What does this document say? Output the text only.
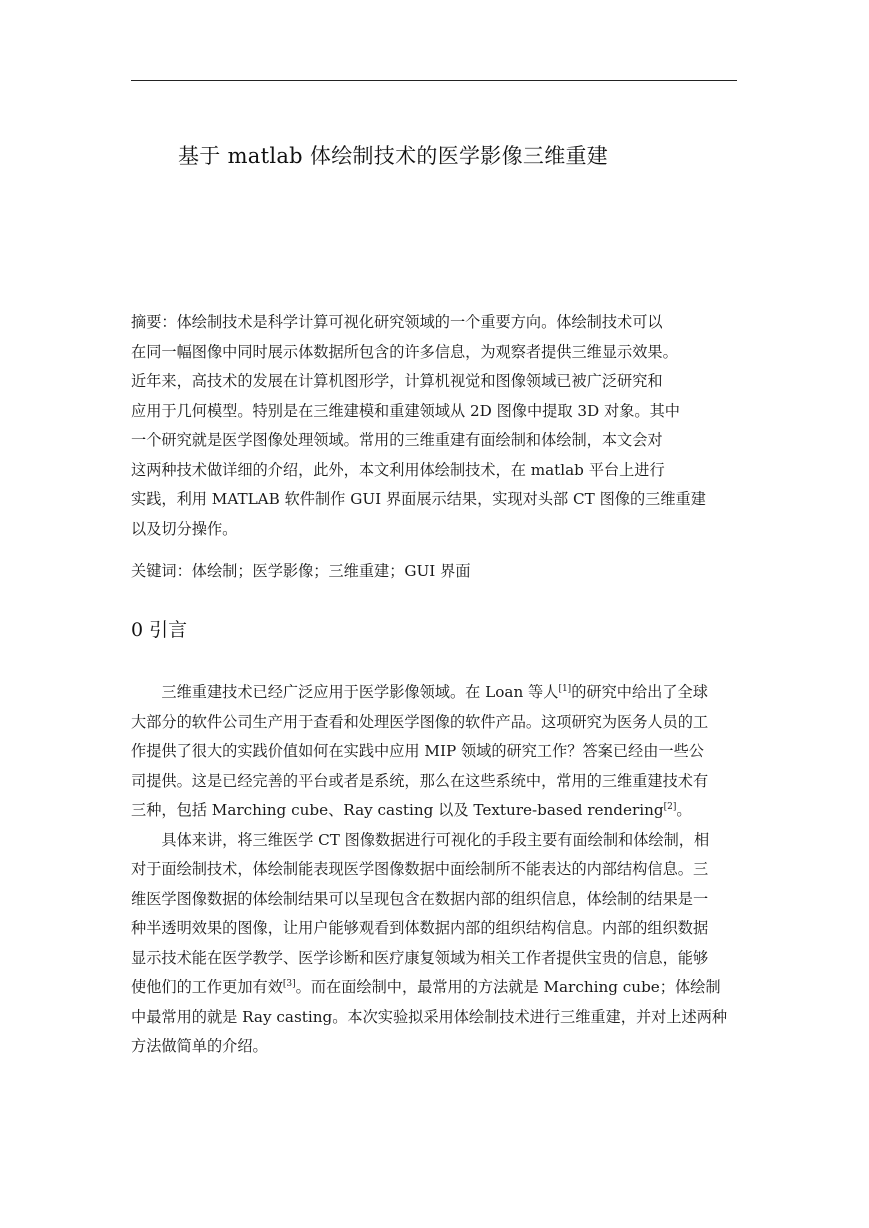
基于 matlab 体绘制技术的医学影像三维重建
摘要：体绘制技术是科学计算可视化研究领域的一个重要方向。体绘制技术可以
在同一幅图像中同时展示体数据所包含的许多信息，为观察者提供三维显示效果。
近年来，高技术的发展在计算机图形学，计算机视觉和图像领域已被广泛研究和
应用于几何模型。特别是在三维建模和重建领域从 2D 图像中提取 3D 对象。其中
一个研究就是医学图像处理领域。常用的三维重建有面绘制和体绘制，本文会对
这两种技术做详细的介绍，此外，本文利用体绘制技术，在 matlab 平台上进行
实践，利用 MATLAB 软件制作 GUI 界面展示结果，实现对头部 CT 图像的三维重建
以及切分操作。
关键词：体绘制；医学影像；三维重建；GUI 界面
0 引言

三维重建技术已经广泛应用于医学影像领域。在 Loan 等人[1]的研究中给出了全球

大部分的软件公司生产用于查看和处理医学图像的软件产品。这项研究为医务人员的工
作提供了很大的实践价值如何在实践中应用 MIP 领域的研究工作？答案已经由一些公
司提供。这是已经完善的平台或者是系统，那么在这些系统中，常用的三维重建技术有
三种，包括 Marching cube、Ray casting 以及 Texture-based rendering[2]。

具体来讲，将三维医学 CT 图像数据进行可视化的手段主要有面绘制和体绘制，相

对于面绘制技术，体绘制能表现医学图像数据中面绘制所不能表达的内部结构信息。三
维医学图像数据的体绘制结果可以呈现包含在数据内部的组织信息，体绘制的结果是一
种半透明效果的图像，让用户能够观看到体数据内部的组织结构信息。内部的组织数据
显示技术能在医学教学、医学诊断和医疗康复领域为相关工作者提供宝贵的信息，能够
使他们的工作更加有效[3]。而在面绘制中，最常用的方法就是 Marching cube；体绘制
中最常用的就是 Ray casting。本次实验拟采用体绘制技术进行三维重建，并对上述两种
方法做简单的介绍。
